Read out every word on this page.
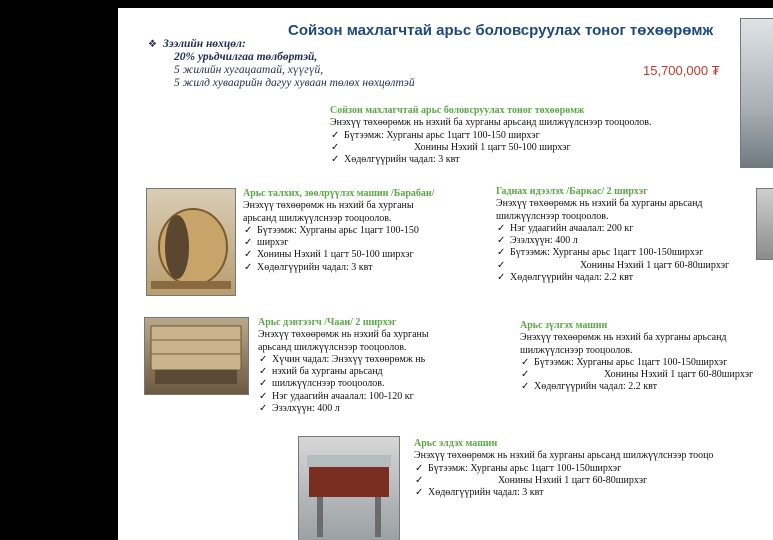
Сойзон махлагчтай арьс боловсруулах тоног төхөөрөмж
❖ Зээлийн нөхцөл:
20% урьдчилгаа төлбөртэй,
5 жилийн хугацаатай, хүүгүй,
5 жилд хуваарийн дагуу хуваан төлөх нөхцөлтэй
15,700,000 ₮
Сойзон махлагчтай арьс боловсруулах тоног төхөөрөмж
Энэхүү төхөөрөмж нь нэхий ба хурганы арьсанд шилжүүлснээр тооцоолов.
✓ Бүтээмж: Хурганы арьс 1цагт 100-150 ширхэг
✓ Хонины Нэхий 1 цагт 50-100 ширхэг
✓ Хөдөлгүүрийн чадал: 3 квт
Арьс талхих, зөөлрүүлэх машин /Барабан/
Энэхүү төхөөрөмж нь нэхий ба хурганы
арьсанд шилжүүлснээр тооцоолов.
✓ Бүтээмж: Хурганы арьс 1цагт 100-150
✓ ширхэг
✓ Хонины Нэхий 1 цагт 50-100 ширхэг
✓ Хөдөлгүүрийн чадал: 3 квт
Гаднах идээлэх /Баркас/ 2 ширхэг
Энэхүү төхөөрөмж нь нэхий ба хурганы арьсанд
шилжүүлснээр тооцоолов.
✓ Нэг удаагийн ачаалал: 200 кг
✓ Эзэлхүүн: 400 л
✓ Бүтээмж: Хурганы арьс 1цагт 100-150ширхэг
✓ Хонины Нэхий 1 цагт 60-80ширхэг
✓ Хөдөлгүүрийн чадал: 2.2 квт
Арьс дэвтээгч /Чаан/ 2 ширхэг
Энэхүү төхөөрөмж нь нэхий ба хурганы
арьсанд шилжүүлснээр тооцоолов.
✓ Хүчин чадал: Энэхүү төхөөрөмж нь
✓ нэхий ба хурганы арьсанд
✓ шилжүүлснээр тооцоолов.
✓ Нэг удаагийн ачаалал: 100-120 кг
✓ Эзэлхүүн: 400 л
Арьс зүлгэх машин
Энэхүү төхөөрөмж нь нэхий ба хурганы арьсанд
шилжүүлснээр тооцоолов.
✓ Бүтээмж: Хурганы арьс 1цагт 100-150ширхэг
✓ Хонины Нэхий 1 цагт 60-80ширхэг
✓ Хөдөлгүүрийн чадал: 2.2 квт
Арьс элдэх машин
Энэхүү төхөөрөмж нь нэхий ба хурганы арьсанд шилжүүлснээр тооцо
✓ Бүтээмж: Хурганы арьс 1цагт 100-150ширхэг
✓ Хонины Нэхий 1 цагт 60-80ширхэг
✓ Хөдөлгүүрийн чадал: 3 квт
